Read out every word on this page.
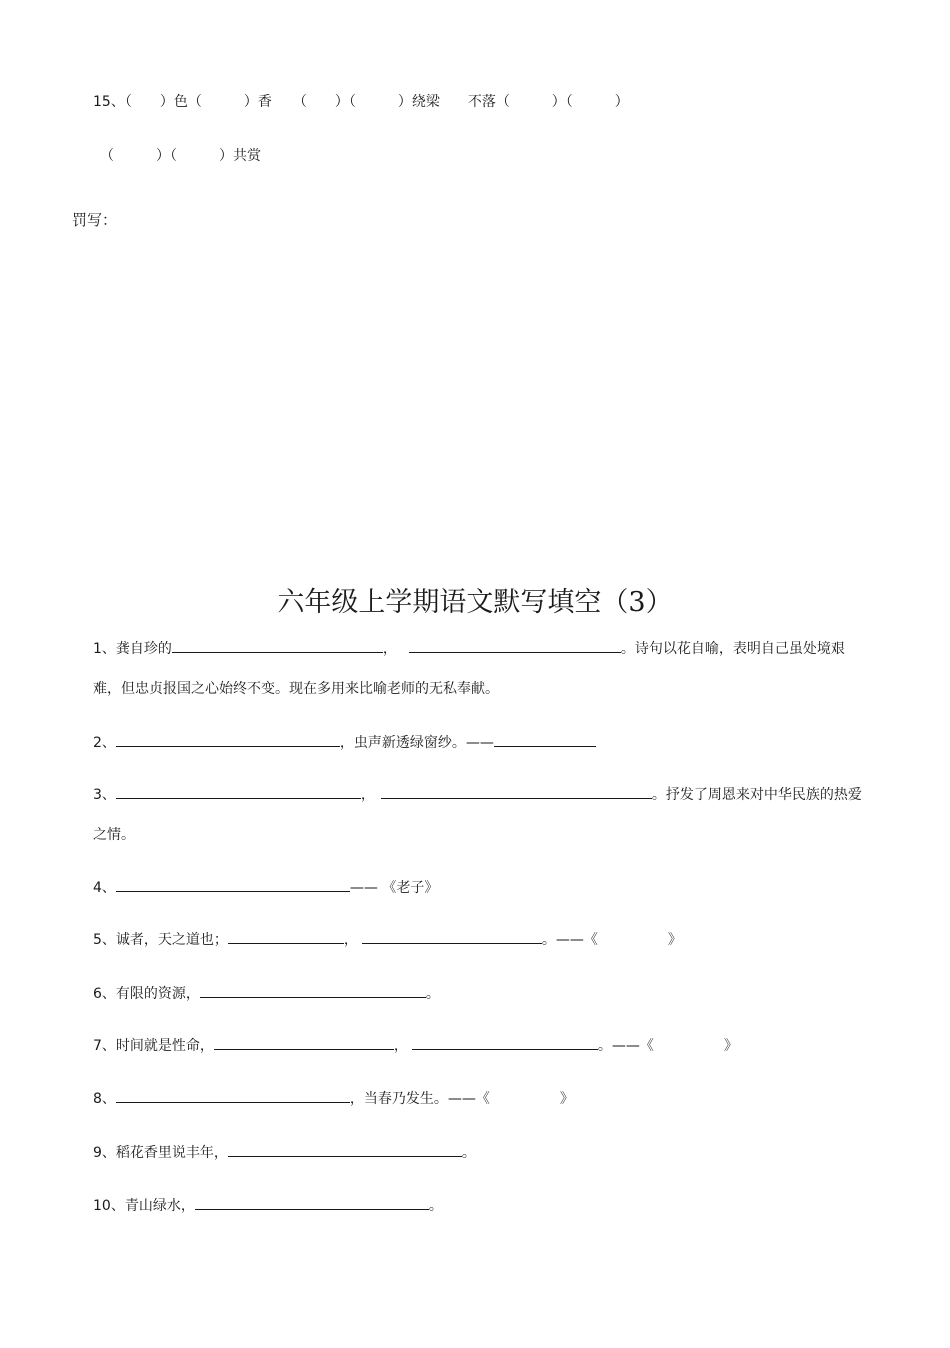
15、（　　）色（　　　）香　　（　　）（　　　）绕梁　　不落（　　　）（　　　）
（　　　）（　　　）共赏
罚写：
六年级上学期语文默写填空（3）
1、龚自珍的	，	。诗句以花自喻，表明自己虽处境艰
难，但忠贞报国之心始终不变。现在多用来比喻老师的无私奉献。
2、	，虫声新透绿窗纱。——
3、	，	。抒发了周恩来对中华民族的热爱
之情。
4、	—— 《老子》
5、诚者，天之道也；	，	。——《	》
6、有限的资源，	。
7、时间就是性命，	，	。——《	》
8、	，当春乃发生。——《	》
9、稻花香里说丰年，	。
10、青山绿水，	。
